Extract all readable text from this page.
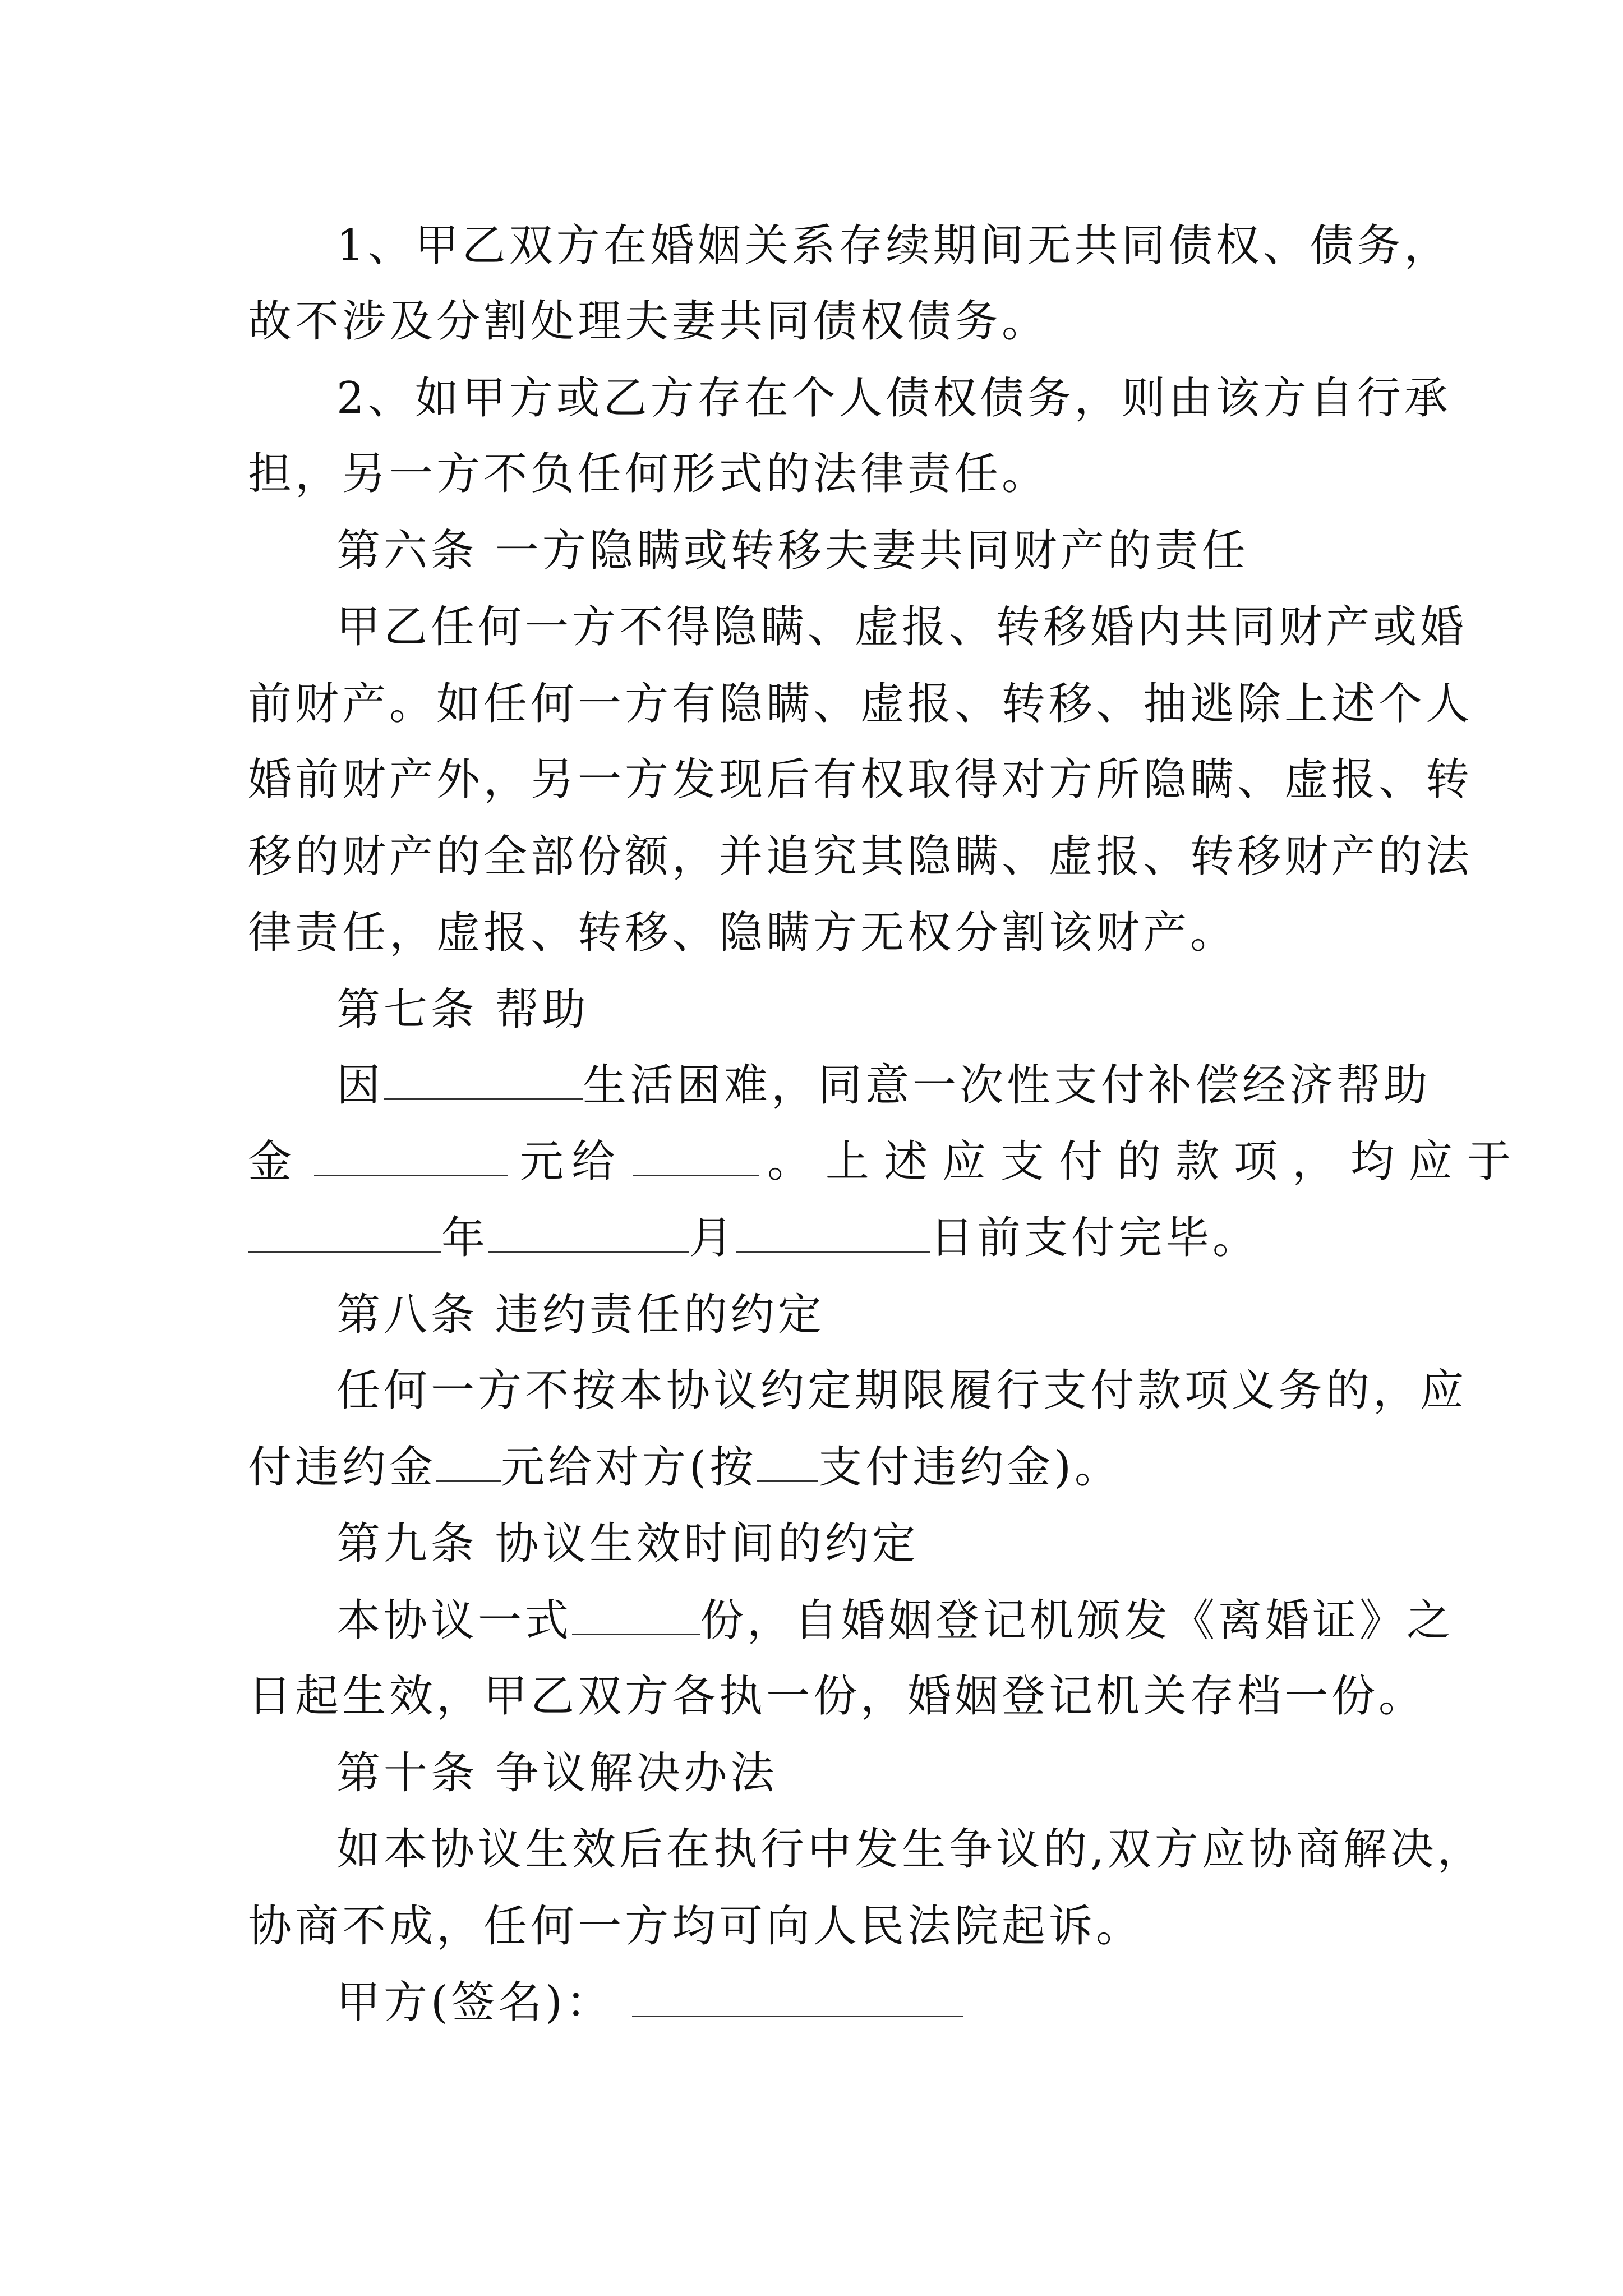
1、甲乙双方在婚姻关系存续期间无共同债权、债务，
故不涉及分割处理夫妻共同债权债务。
2、如甲方或乙方存在个人债权债务，则由该方自行承
担，另一方不负任何形式的法律责任。
第六条 一方隐瞒或转移夫妻共同财产的责任
甲乙任何一方不得隐瞒、虚报、转移婚内共同财产或婚
前财产。如任何一方有隐瞒、虚报、转移、抽逃除上述个人
婚前财产外，另一方发现后有权取得对方所隐瞒、虚报、转
移的财产的全部份额，并追究其隐瞒、虚报、转移财产的法
律责任，虚报、转移、隐瞒方无权分割该财产。
第七条 帮助
因	生活困难，同意一次性支付补偿经济帮助
金	元给	。上述应支付的款项，均应于
年	月	日前支付完毕。
第八条 违约责任的约定
任何一方不按本协议约定期限履行支付款项义务的，应
付违约金 元给对方(按 支付违约金)。
第九条 协议生效时间的约定
本协议一式	份，自婚姻登记机颁发《离婚证》之
日起生效，甲乙双方各执一份，婚姻登记机关存档一份。
第十条 争议解决办法
如本协议生效后在执行中发生争议的,双方应协商解决，
协商不成，任何一方均可向人民法院起诉。
甲方(签名)：
